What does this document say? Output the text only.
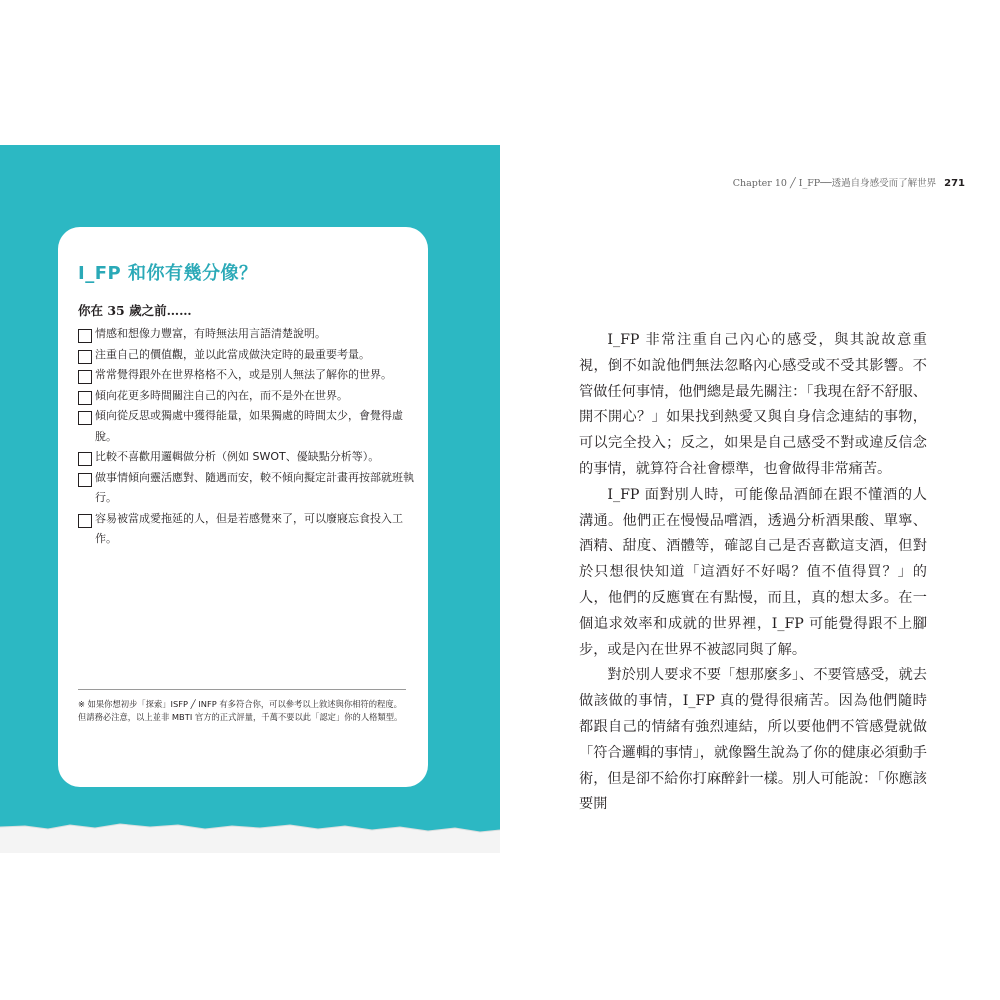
I_FP 和你有幾分像？
你在 35 歲之前……
情感和想像力豐富，有時無法用言語清楚說明。
注重自己的價值觀，並以此當成做決定時的最重要考量。
常常覺得跟外在世界格格不入，或是別人無法了解你的世界。
傾向花更多時間關注自己的內在，而不是外在世界。
傾向從反思或獨處中獲得能量，如果獨處的時間太少，會覺得虛脫。
比較不喜歡用邏輯做分析（例如 SWOT、優缺點分析等）。
做事情傾向靈活應對、隨遇而安，較不傾向擬定計畫再按部就班執行。
容易被當成愛拖延的人，但是若感覺來了，可以廢寢忘食投入工作。

※ 如果你想初步「探索」ISFP ╱ INFP 有多符合你，可以參考以上敘述與你相符的程度。但請務必注意，以上並非 MBTI 官方的正式評量，千萬不要以此「認定」你的人格類型。

Chapter 10 ╱ I_FP──透過自身感受而了解世界 271

I_FP 非常注重自己內心的感受，與其說故意重視，倒不如說他們無法忽略內心感受或不受其影響。不管做任何事情，他們總是最先關注：「我現在舒不舒服、開不開心？」如果找到熱愛又與自身信念連結的事物，可以完全投入；反之，如果是自己感受不對或違反信念的事情，就算符合社會標準，也會做得非常痛苦。

I_FP 面對別人時，可能像品酒師在跟不懂酒的人溝通。他們正在慢慢品嚐酒，透過分析酒果酸、單寧、酒精、甜度、酒體等，確認自己是否喜歡這支酒，但對於只想很快知道「這酒好不好喝？值不值得買？」的人，他們的反應實在有點慢，而且，真的想太多。在一個追求效率和成就的世界裡，I_FP 可能覺得跟不上腳步，或是內在世界不被認同與了解。

對於別人要求不要「想那麼多」、不要管感受，就去做該做的事情，I_FP 真的覺得很痛苦。因為他們隨時都跟自己的情緒有強烈連結，所以要他們不管感覺就做「符合邏輯的事情」，就像醫生說為了你的健康必須動手術，但是卻不給你打麻醉針一樣。別人可能說：「你應該要開
